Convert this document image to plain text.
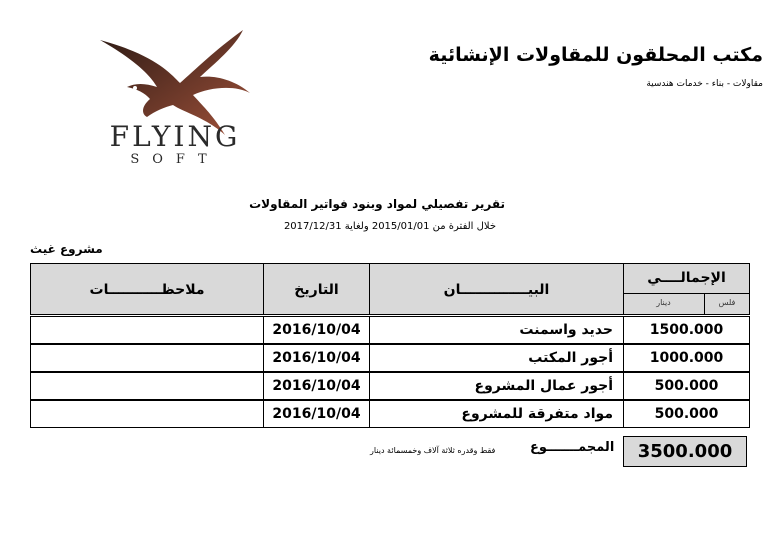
FLYING
SOFT
مكتب المحلقون للمقاولات الإنشائية
مقاولات - بناء - خدمات هندسية
تقرير تفصيلي لمواد وبنود فواتير المقاولات
خلال الفترة من 2015/01/01 ولغاية 2017/12/31
مشروع غيث
الإجمالــــي
فلس
دينار
البيــــــــــــــان
التاريخ
ملاحظـــــــــــات
1500.000
حديد واسمنت
2016/10/04
1000.000
أجور المكتب
2016/10/04
500.000
أجور عمال المشروع
2016/10/04
500.000
مواد متفرقة للمشروع
2016/10/04
3500.000
المجمـــــــوع
فقط وقدره ثلاثة آلاف وخمسمائة دينار
